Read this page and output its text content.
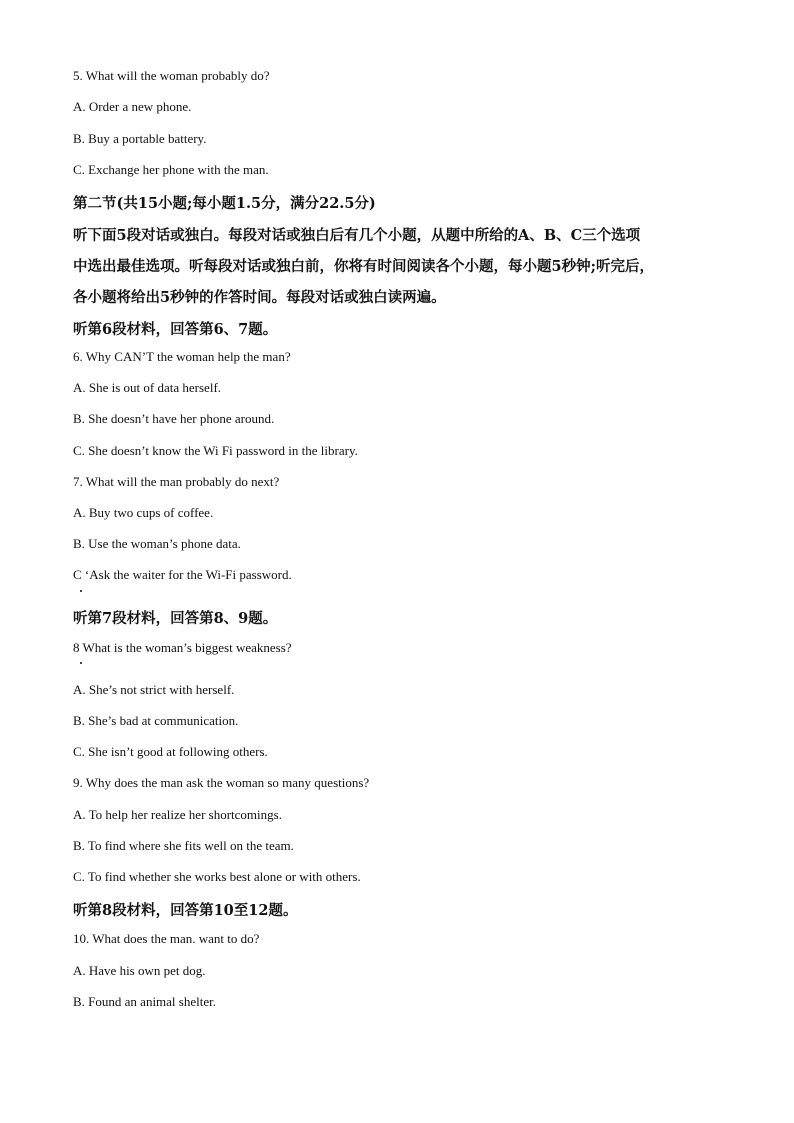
5. What will the woman probably do?
A. Order a new phone.
B. Buy a portable battery.
C. Exchange her phone with the man.
第二节(共15小题;每小题1.5分，满分22.5分)
听下面5段对话或独白。每段对话或独白后有几个小题，从题中所给的A、B、C三个选项
中选出最佳选项。听每段对话或独白前，你将有时间阅读各个小题，每小题5秒钟;听完后，
各小题将给出5秒钟的作答时间。每段对话或独白读两遍。
听第6段材料，回答第6、7题。
6. Why CAN’T the woman help the man?
A. She is out of data herself.
B. She doesn’t have her phone around.
C. She doesn’t know the Wi Fi password in the library.
7. What will the man probably do next?
A. Buy two cups of coffee.
B. Use the woman’s phone data.
C ‘Ask the waiter for the Wi-Fi password.
听第7段材料，回答第8、9题。
8 What is the woman’s biggest weakness?
A. She’s not strict with herself.
B. She’s bad at communication.
C. She isn’t good at following others.
9. Why does the man ask the woman so many questions?
A. To help her realize her shortcomings.
B. To find where she fits well on the team.
C. To find whether she works best alone or with others.
听第8段材料，回答第10至12题。
10. What does the man. want to do?
A. Have his own pet dog.
B. Found an animal shelter.
